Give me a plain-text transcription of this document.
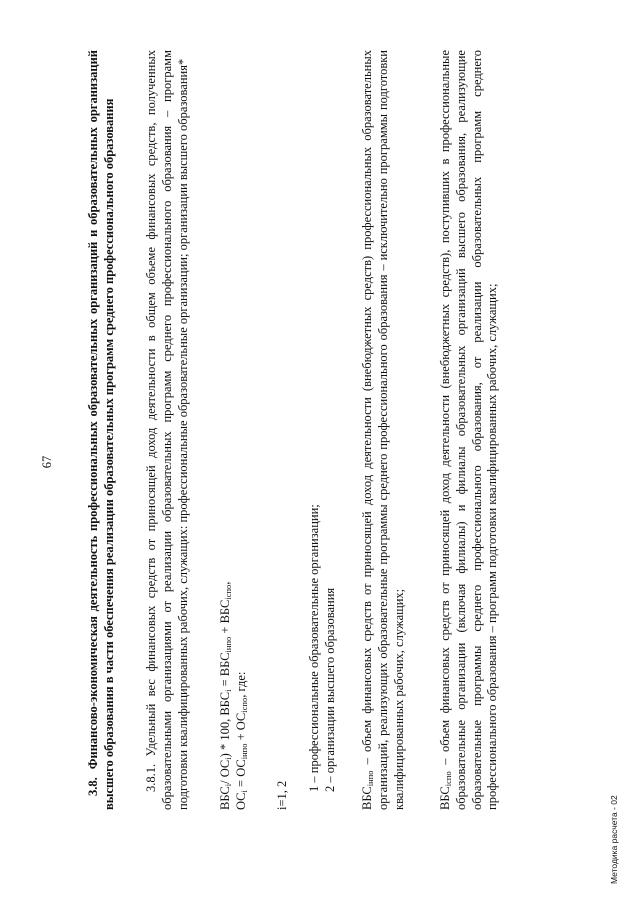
67
3.8.Финансово-экономическая деятельность профессиональных образовательных организаций и образовательных организаций высшего образования в части обеспечения реализации образовательных программ среднего профессионального образования 3.8.1. Удельный вес финансовых средств от приносящей доход деятельности в общем объеме финансовых средств, полученных образовательными организациями от реализации образовательных программ среднего профессионального образования – программ подготовки квалифицированных рабочих, служащих: профессиональные образовательные организации; организации высшего образования* $ВБС_i/$ $ОС_i) * 100$, $ВБС_i = ВБС_{iнпо} + ВБС_{iспо}$,
$ОС_i = ОС_{iнпо} + ОС_{iспо}$, где:
i=1, 2
1 – профессиональные образовательные организации; 2 – организации высшего образования

$ВБС_{iнпо}$ – объем финансовых средств от приносящей доход деятельности (внебюджетных средств) профессиональных образовательных организаций, реализующих образовательные программы среднего профессионального образования – исключительно программы подготовки квалифицированных рабочих, служащих;	$ВБС_{iспо}$ – объем финансовых средств от приносящей доход деятельности (внебюджетных средств), поступивших в профессиональные образовательные организации (включая филиалы) и филиалы образовательных организаций высшего образования, реализующие образовательные программы среднего профессионального образования, от реализации образовательных программ среднего профессионального образования – программ подготовки квалифицированных рабочих, служащих;

Методика расчета - 02
